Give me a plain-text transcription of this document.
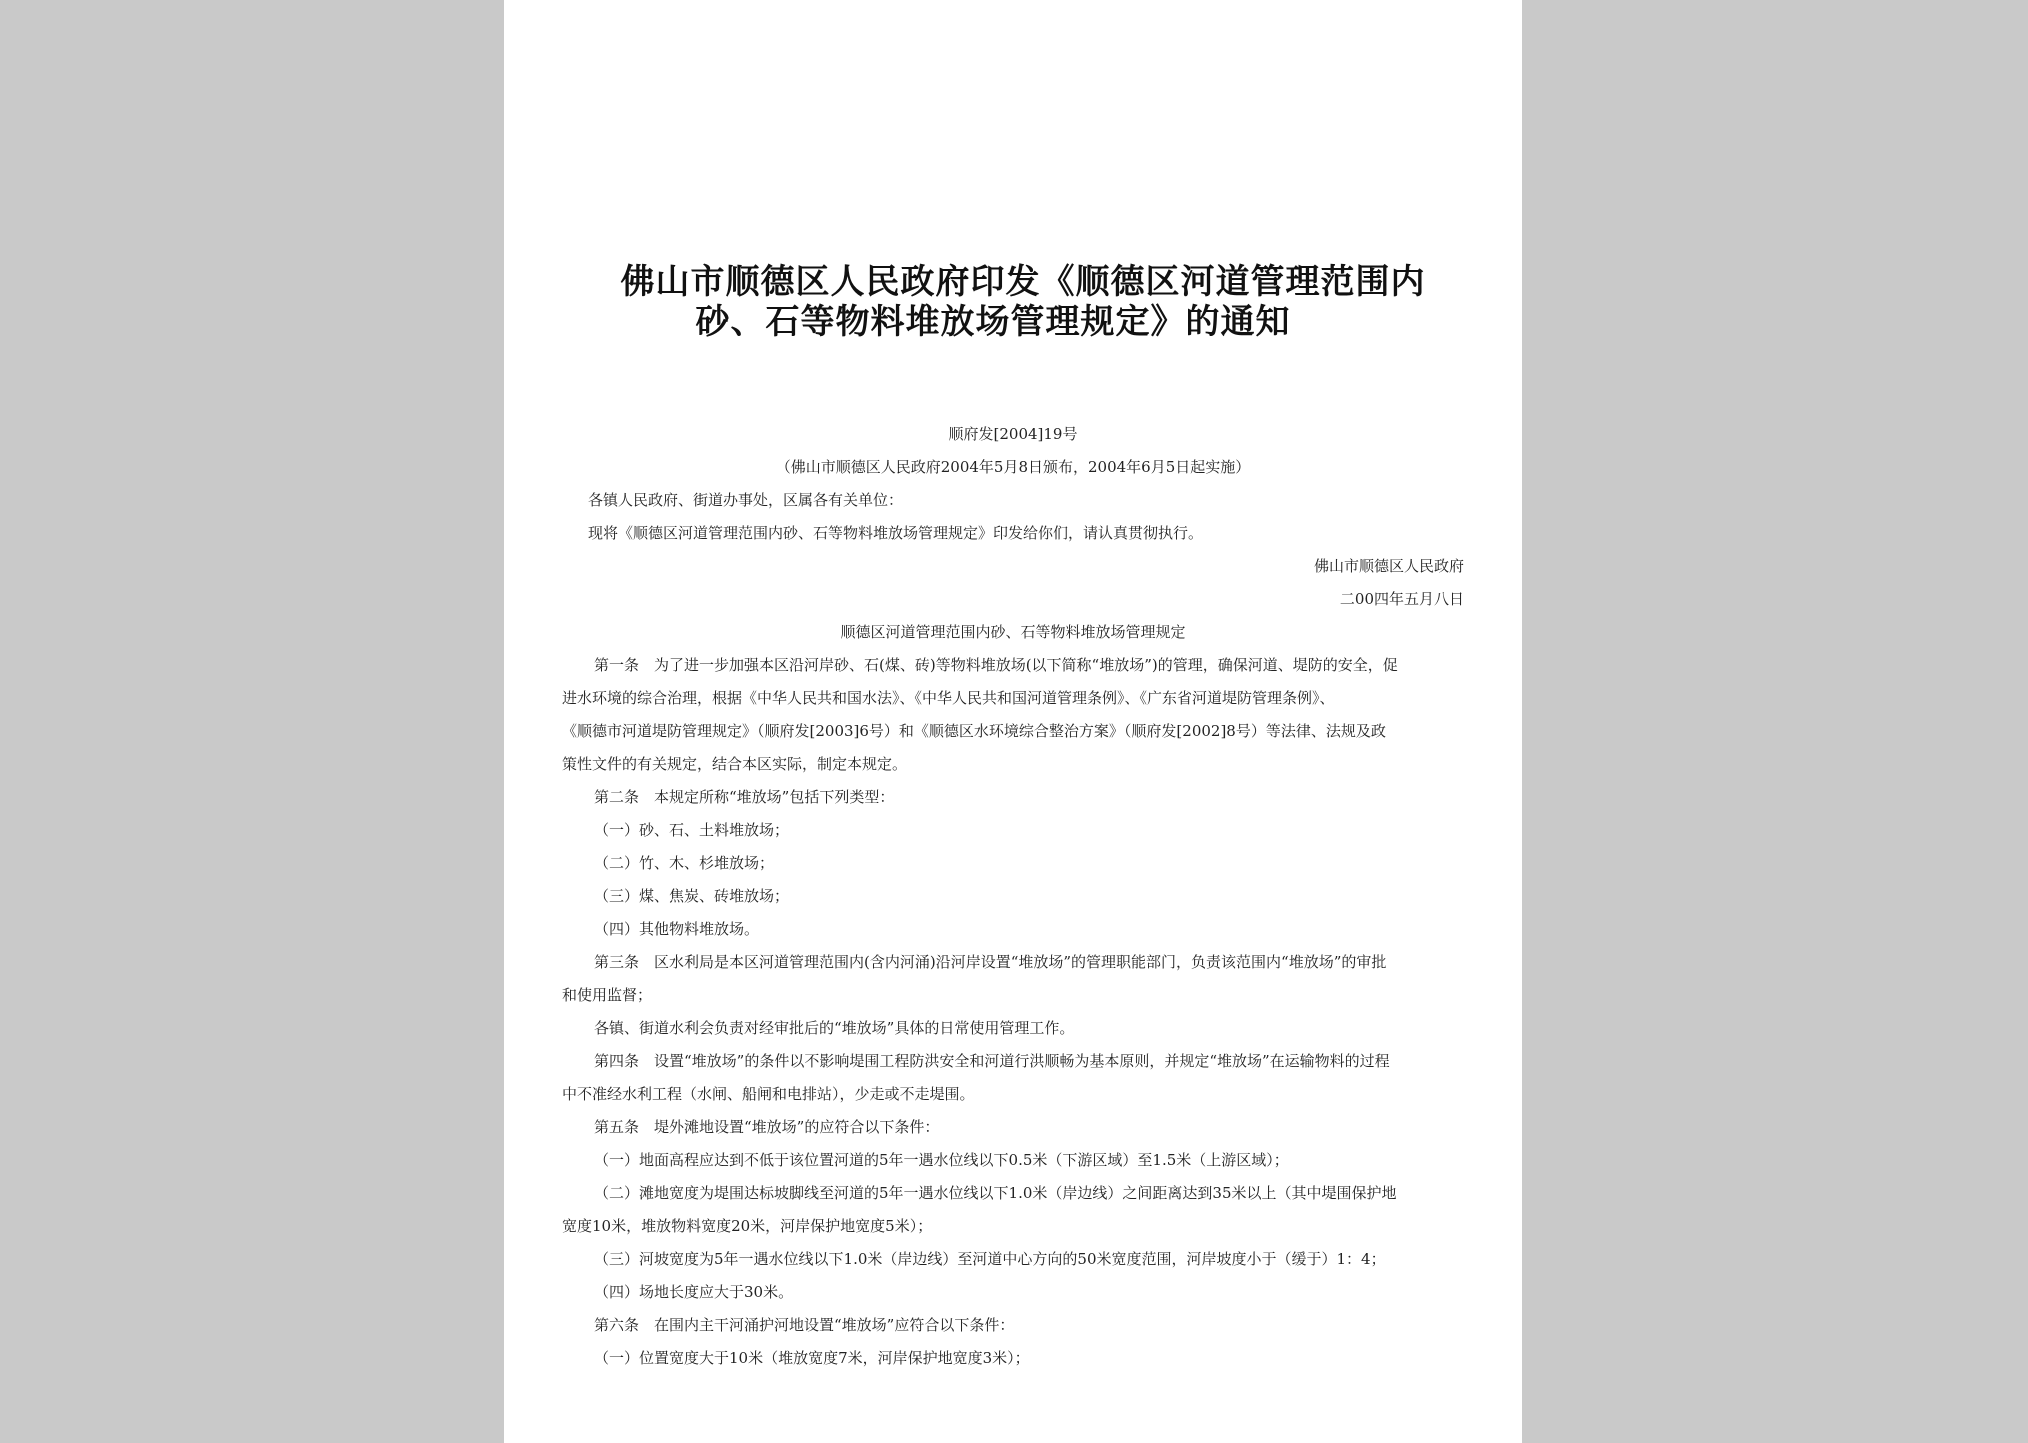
佛山市顺德区人民政府印发《顺德区河道管理范围内
砂、石等物料堆放场管理规定》的通知
顺府发[2004]19号
（佛山市顺德区人民政府2004年5月8日颁布，2004年6月5日起实施）
各镇人民政府、街道办事处，区属各有关单位：
现将《顺德区河道管理范围内砂、石等物料堆放场管理规定》印发给你们，请认真贯彻执行。
佛山市顺德区人民政府
二00四年五月八日
顺德区河道管理范围内砂、石等物料堆放场管理规定
第一条　为了进一步加强本区沿河岸砂、石(煤、砖)等物料堆放场(以下简称“堆放场”)的管理，确保河道、堤防的安全，促
进水环境的综合治理，根据《中华人民共和国水法》、《中华人民共和国河道管理条例》、《广东省河道堤防管理条例》、
《顺德市河道堤防管理规定》（顺府发[2003]6号）和《顺德区水环境综合整治方案》（顺府发[2002]8号）等法律、法规及政
策性文件的有关规定，结合本区实际，制定本规定。
第二条　本规定所称“堆放场”包括下列类型：
（一）砂、石、土料堆放场；
（二）竹、木、杉堆放场；
（三）煤、焦炭、砖堆放场；
（四）其他物料堆放场。
第三条　区水利局是本区河道管理范围内(含内河涌)沿河岸设置“堆放场”的管理职能部门，负责该范围内“堆放场”的审批
和使用监督；
各镇、街道水利会负责对经审批后的“堆放场”具体的日常使用管理工作。
第四条　设置“堆放场”的条件以不影响堤围工程防洪安全和河道行洪顺畅为基本原则，并规定“堆放场”在运输物料的过程
中不准经水利工程（水闸、船闸和电排站），少走或不走堤围。
第五条　堤外滩地设置“堆放场”的应符合以下条件：
（一）地面高程应达到不低于该位置河道的5年一遇水位线以下0.5米（下游区域）至1.5米（上游区域）；
（二）滩地宽度为堤围达标坡脚线至河道的5年一遇水位线以下1.0米（岸边线）之间距离达到35米以上（其中堤围保护地
宽度10米，堆放物料宽度20米，河岸保护地宽度5米）；
（三）河坡宽度为5年一遇水位线以下1.0米（岸边线）至河道中心方向的50米宽度范围，河岸坡度小于（缓于）1：4；
（四）场地长度应大于30米。
第六条　在围内主干河涌护河地设置“堆放场”应符合以下条件：
（一）位置宽度大于10米（堆放宽度7米，河岸保护地宽度3米）；
